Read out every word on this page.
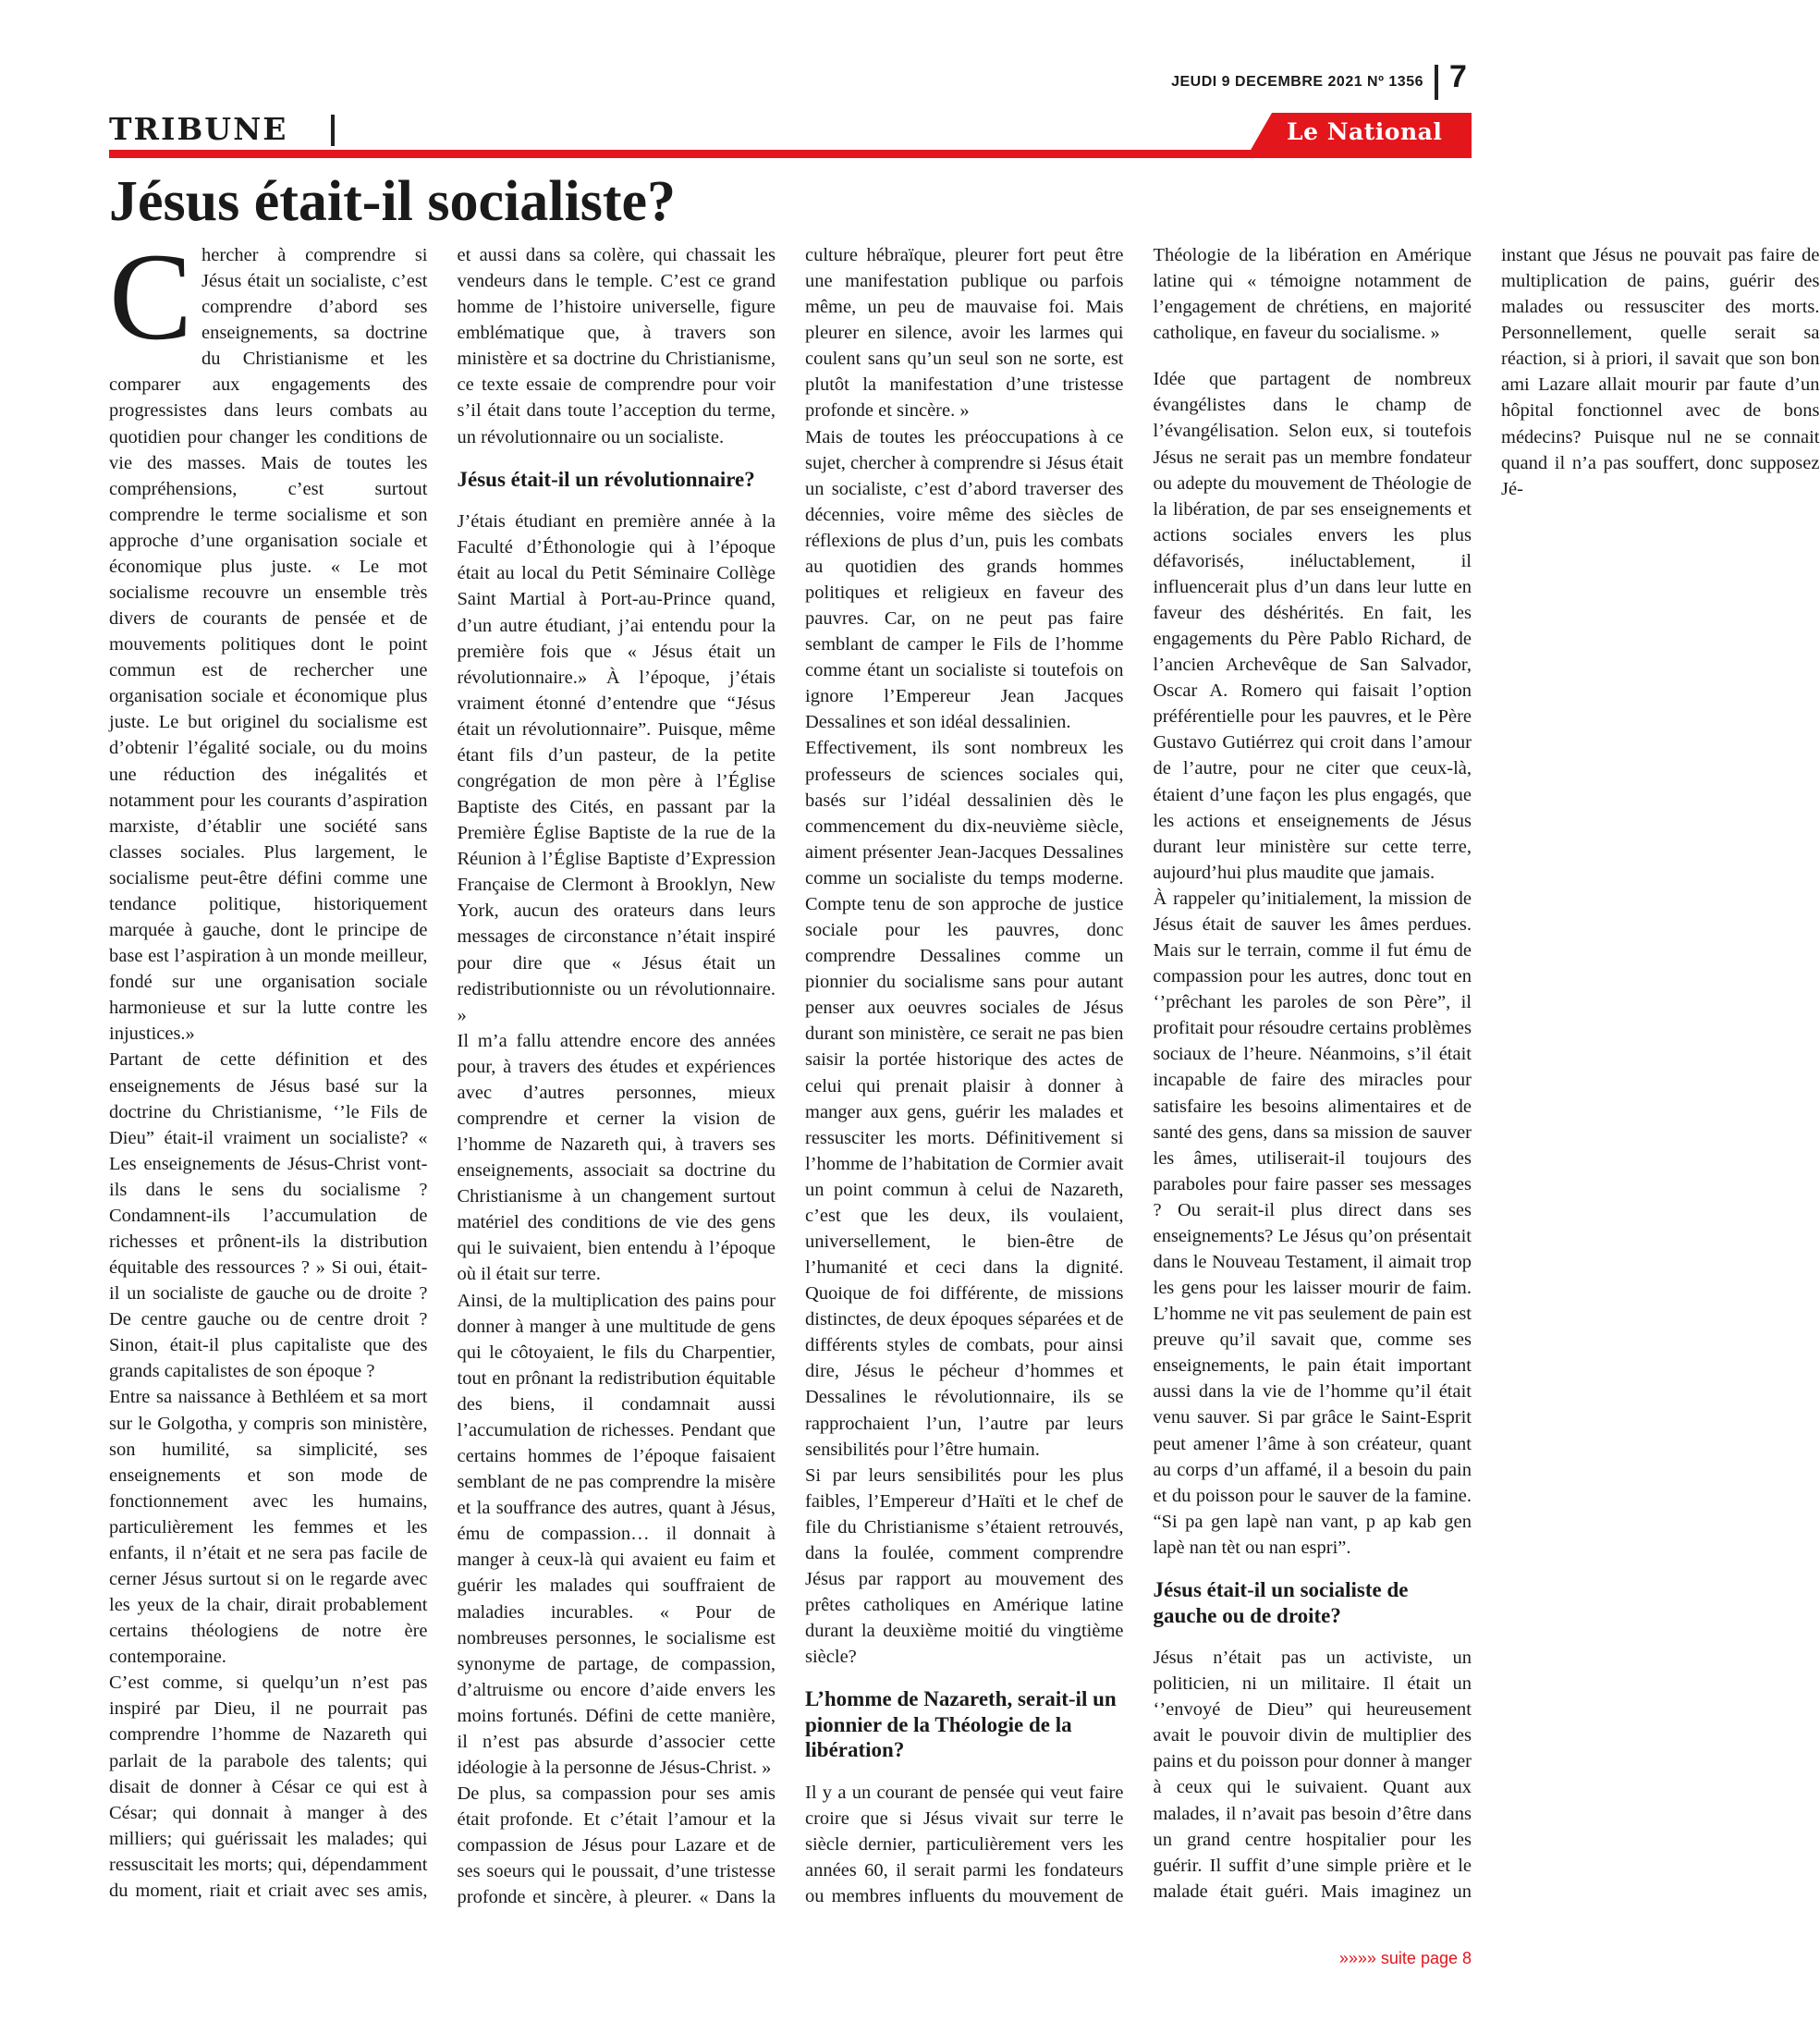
JEUDI 9 DECEMBRE 2021 Nº 1356 7
TRIBUNE	Le National
Jésus était-il socialiste?

Chercher à comprendre si Jésus était un socialiste, c’est comprendre d’abord ses enseignements, sa doctrine du Christianisme et les comparer aux engagements des progressistes dans leurs combats au quotidien pour changer les conditions de vie des masses. Mais de toutes les compréhensions, c’est surtout comprendre le terme socialisme et son approche d’une organisation sociale et économique plus juste. « Le mot socialisme recouvre un ensemble très divers de courants de pensée et de mouvements politiques dont le point commun est de rechercher une organisation sociale et économique plus juste. Le but originel du socialisme est d’obtenir l’égalité sociale, ou du moins une réduction des inégalités et notamment pour les courants d’aspiration marxiste, d’établir une société sans classes sociales. Plus largement, le socialisme peut-être défini comme une tendance politique, historiquement marquée à gauche, dont le principe de base est l’aspiration à un monde meilleur, fondé sur une organisation sociale harmonieuse et sur la lutte contre les injustices.»

Partant de cette définition et des enseignements de Jésus basé sur la doctrine du Christianisme, ‘’le Fils de Dieu” était-il vraiment un socialiste? « Les enseignements de Jésus-Christ vont-ils dans le sens du socialisme ? Condamnent-ils l’accumulation de richesses et prônent-ils la distribution équitable des ressources ? » Si oui, était-il un socialiste de gauche ou de droite ? De centre gauche ou de centre droit ? Sinon, était-il plus capitaliste que des grands capitalistes de son époque ?

Entre sa naissance à Bethléem et sa mort sur le Golgotha, y compris son ministère, son humilité, sa simplicité, ses enseignements et son mode de fonctionnement avec les humains, particulièrement les femmes et les enfants, il n’était et ne sera pas facile de cerner Jésus surtout si on le regarde avec les yeux de la chair, dirait probablement certains théologiens de notre ère contemporaine.

C’est comme, si quelqu’un n’est pas inspiré par Dieu, il ne pourrait pas comprendre l’homme de Nazareth qui parlait de la parabole des talents; qui disait de donner à César ce qui est à César; qui donnait à manger à des milliers; qui guérissait les malades; qui ressuscitait les morts; qui, dépendamment du moment, riait et criait avec ses amis, et aussi dans sa colère, qui chassait les vendeurs dans le temple. C’est ce grand homme de l’histoire universelle, figure emblématique que, à travers son ministère et sa doctrine du Christianisme, ce texte essaie de comprendre pour voir s’il était dans toute l’acception du terme, un révolutionnaire ou un socialiste.

Jésus était-il un révolutionnaire?

J’étais étudiant en première année à la Faculté d’Éthonologie qui à l’époque était au local du Petit Séminaire Collège Saint Martial à Port-au-Prince quand, d’un autre étudiant, j’ai entendu pour la première fois que « Jésus était un révolutionnaire.» À l’époque, j’étais vraiment étonné d’entendre que “Jésus était un révolutionnaire”. Puisque, même étant fils d’un pasteur, de la petite congrégation de mon père à l’Église Baptiste des Cités, en passant par la Première Église Baptiste de la rue de la Réunion à l’Église Baptiste d’Expression Française de Clermont à Brooklyn, New York, aucun des orateurs dans leurs messages de circonstance n’était inspiré pour dire que « Jésus était un redistributionniste ou un révolutionnaire. »

Il m’a fallu attendre encore des années pour, à travers des études et expériences avec d’autres personnes, mieux comprendre et cerner la vision de l’homme de Nazareth qui, à travers ses enseignements, associait sa doctrine du Christianisme à un changement surtout matériel des conditions de vie des gens qui le suivaient, bien entendu à l’époque où il était sur terre.

Ainsi, de la multiplication des pains pour donner à manger à une multitude de gens qui le côtoyaient, le fils du Charpentier, tout en prônant la redistribution équitable des biens, il condamnait aussi l’accumulation de richesses. Pendant que certains hommes de l’époque faisaient semblant de ne pas comprendre la misère et la souffrance des autres, quant à Jésus, ému de compassion… il donnait à manger à ceux-là qui avaient eu faim et guérir les malades qui souffraient de maladies incurables. « Pour de nombreuses personnes, le socialisme est synonyme de partage, de compassion, d’altruisme ou encore d’aide envers les moins fortunés. Défini de cette manière, il n’est pas absurde d’associer cette idéologie à la personne de Jésus-Christ. »

De plus, sa compassion pour ses amis était profonde. Et c’était l’amour et la compassion de Jésus pour Lazare et de ses soeurs qui le poussait, d’une tristesse profonde et sincère, à pleurer. « Dans la culture hébraïque, pleurer fort peut être une manifestation publique ou parfois même, un peu de mauvaise foi. Mais pleurer en silence, avoir les larmes qui coulent sans qu’un seul son ne sorte, est plutôt la manifestation d’une tristesse profonde et sincère. »

Mais de toutes les préoccupations à ce sujet, chercher à comprendre si Jésus était un socialiste, c’est d’abord traverser des décennies, voire même des siècles de réflexions de plus d’un, puis les combats au quotidien des grands hommes politiques et religieux en faveur des pauvres. Car, on ne peut pas faire semblant de camper le Fils de l’homme comme étant un socialiste si toutefois on ignore l’Empereur Jean Jacques Dessalines et son idéal dessalinien.

Effectivement, ils sont nombreux les professeurs de sciences sociales qui, basés sur l’idéal dessalinien dès le commencement du dix-neuvième siècle, aiment présenter Jean-Jacques Dessalines comme un socialiste du temps moderne. Compte tenu de son approche de justice sociale pour les pauvres, donc comprendre Dessalines comme un pionnier du socialisme sans pour autant penser aux oeuvres sociales de Jésus durant son ministère, ce serait ne pas bien saisir la portée historique des actes de celui qui prenait plaisir à donner à manger aux gens, guérir les malades et ressusciter les morts. Définitivement si l’homme de l’habitation de Cormier avait un point commun à celui de Nazareth, c’est que les deux, ils voulaient, universellement, le bien-être de l’humanité et ceci dans la dignité. Quoique de foi différente, de missions distinctes, de deux époques séparées et de différents styles de combats, pour ainsi dire, Jésus le pécheur d’hommes et Dessalines le révolutionnaire, ils se rapprochaient l’un, l’autre par leurs sensibilités pour l’être humain.

Si par leurs sensibilités pour les plus faibles, l’Empereur d’Haïti et le chef de file du Christianisme s’étaient retrouvés, dans la foulée, comment comprendre Jésus par rapport au mouvement des prêtes catholiques en Amérique latine durant la deuxième moitié du vingtième siècle?

L’homme de Nazareth, serait-il un pionnier de la Théologie de la libération?

Il y a un courant de pensée qui veut faire croire que si Jésus vivait sur terre le siècle dernier, particulièrement vers les années 60, il serait parmi les fondateurs ou membres influents du mouvement de Théologie de la libération en Amérique latine qui « témoigne notamment de l’engagement de chrétiens, en majorité catholique, en faveur du socialisme. »

Idée que partagent de nombreux évangélistes dans le champ de l’évangélisation. Selon eux, si toutefois Jésus ne serait pas un membre fondateur ou adepte du mouvement de Théologie de la libération, de par ses enseignements et actions sociales envers les plus défavorisés, inéluctablement, il influencerait plus d’un dans leur lutte en faveur des déshérités. En fait, les engagements du Père Pablo Richard, de l’ancien Archevêque de San Salvador, Oscar A. Romero qui faisait l’option préférentielle pour les pauvres, et le Père Gustavo Gutiérrez qui croit dans l’amour de l’autre, pour ne citer que ceux-là, étaient d’une façon les plus engagés, que les actions et enseignements de Jésus durant leur ministère sur cette terre, aujourd’hui plus maudite que jamais.

À rappeler qu’initialement, la mission de Jésus était de sauver les âmes perdues. Mais sur le terrain, comme il fut ému de compassion pour les autres, donc tout en ‘’prêchant les paroles de son Père”, il profitait pour résoudre certains problèmes sociaux de l’heure. Néanmoins, s’il était incapable de faire des miracles pour satisfaire les besoins alimentaires et de santé des gens, dans sa mission de sauver les âmes, utiliserait-il toujours des paraboles pour faire passer ses messages ? Ou serait-il plus direct dans ses enseignements? Le Jésus qu’on présentait dans le Nouveau Testament, il aimait trop les gens pour les laisser mourir de faim. L’homme ne vit pas seulement de pain est preuve qu’il savait que, comme ses enseignements, le pain était important aussi dans la vie de l’homme qu’il était venu sauver. Si par grâce le Saint-Esprit peut amener l’âme à son créateur, quant au corps d’un affamé, il a besoin du pain et du poisson pour le sauver de la famine. “Si pa gen lapè nan vant, p ap kab gen lapè nan tèt ou nan espri”.

Jésus était-il un socialiste de gauche ou de droite?

Jésus n’était pas un activiste, un politicien, ni un militaire. Il était un ‘’envoyé de Dieu” qui heureusement avait le pouvoir divin de multiplier des pains et du poisson pour donner à manger à ceux qui le suivaient. Quant aux malades, il n’avait pas besoin d’être dans un grand centre hospitalier pour les guérir. Il suffit d’une simple prière et le malade était guéri. Mais imaginez un instant que Jésus ne pouvait pas faire de multiplication de pains, guérir des malades ou ressusciter des morts. Personnellement, quelle serait sa réaction, si à priori, il savait que son bon ami Lazare allait mourir par faute d’un hôpital fonctionnel avec de bons médecins? Puisque nul ne se connait quand il n’a pas souffert, donc supposez Jé-

»»»» suite page 8
